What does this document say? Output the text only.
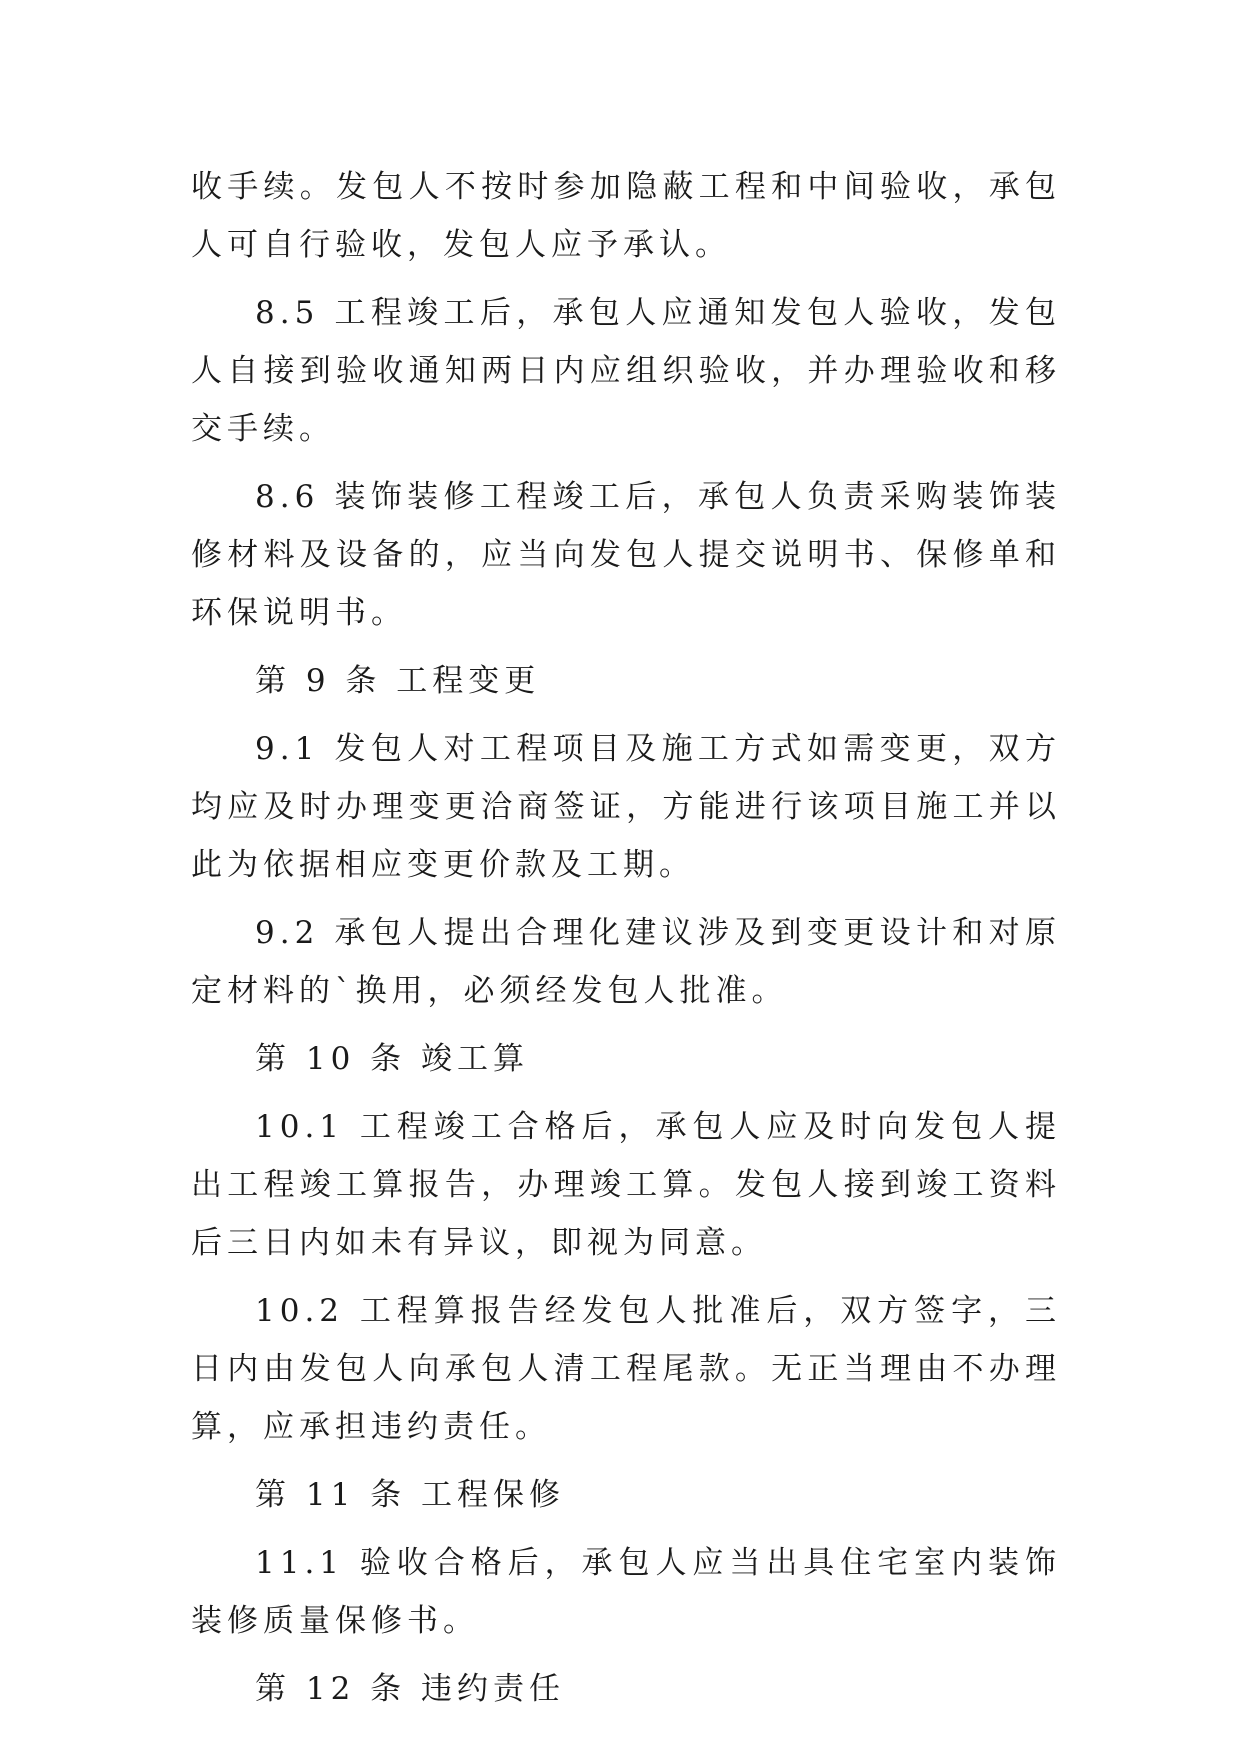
收手续。发包人不按时参加隐蔽工程和中间验收，承包人可自行验收，发包人应予承认。

8.5 工程竣工后，承包人应通知发包人验收，发包人自接到验收通知两日内应组织验收，并办理验收和移交手续。

8.6 装饰装修工程竣工后，承包人负责采购装饰装修材料及设备的，应当向发包人提交说明书、保修单和环保说明书。

第 9 条 工程变更

9.1 发包人对工程项目及施工方式如需变更，双方均应及时办理变更洽商签证，方能进行该项目施工并以此为依据相应变更价款及工期。

9.2 承包人提出合理化建议涉及到变更设计和对原定材料的`换用，必须经发包人批准。

第 10 条 竣工算

10.1 工程竣工合格后，承包人应及时向发包人提出工程竣工算报告，办理竣工算。发包人接到竣工资料后三日内如未有异议，即视为同意。

10.2 工程算报告经发包人批准后，双方签字，三日内由发包人向承包人清工程尾款。无正当理由不办理算，应承担违约责任。

第 11 条 工程保修

11.1 验收合格后，承包人应当出具住宅室内装饰装修质量保修书。

第 12 条 违约责任
